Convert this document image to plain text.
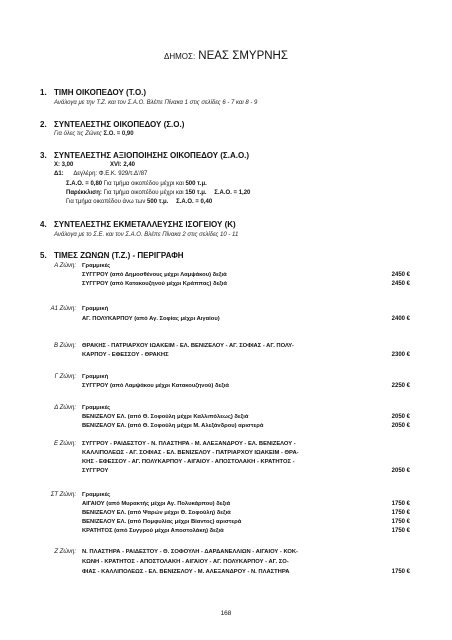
ΔΗΜΟΣ: ΝΕΑΣ ΣΜΥΡΝΗΣ
1. ΤΙΜΗ ΟΙΚΟΠΕΔΟΥ (Τ.Ο.)
Ανάλογα με την Τ.Ζ. και τον Σ.Α.Ο. Βλέπε Πίνακα 1 στις σελίδες 6 - 7 και 8 - 9
2. ΣΥΝΤΕΛΕΣΤΗΣ ΟΙΚΟΠΕΔΟΥ (Σ.Ο.)
Για όλες τις Ζώνες Σ.Ο. = 0,90
3. ΣΥΝΤΕΛΕΣΤΗΣ ΑΞΙΟΠΟΙΗΣΗΣ ΟΙΚΟΠΕΔΟΥ (Σ.Α.Ο.)
Χ: 3,00	XVI: 2,40
Δ1: Δεγλέρη: Φ.Ε.Κ. 929/τ.Δ'/87
Σ.Α.Ο. = 0,80 Για τμήμα οικοπέδου μέχρι και 500 τ.μ.
Παρέκκλιση: Για τμήμα οικοπέδου μέχρι και 150 τ.μ. Σ.Α.Ο. = 1,20
Για τμήμα οικοπέδου άνω των 500 τ.μ. Σ.Α.Ο. = 0,40
4. ΣΥΝΤΕΛΕΣΤΗΣ ΕΚΜΕΤΑΛΛΕΥΣΗΣ ΙΣΟΓΕΙΟΥ (Κ)
Ανάλογα με το Σ.Ε. και τον Σ.Α.Ο. Βλέπε Πίνακα 2 στις σελίδες 10 - 11
5. ΤΙΜΕΣ ΖΩΝΩΝ (Τ.Ζ.) - ΠΕΡΙΓΡΑΦΗ
Α Ζώνη: Γραμμικές
ΣΥΓΓΡΟΥ (από Δημοσθένους μέχρι Λαμψάκου) δεξιά	2450 €
ΣΥΓΓΡΟΥ (από Κατακουζηνού μέχρι Κράππας) δεξιά	2450 €
Α1 Ζώνη: Γραμμική
ΑΓ. ΠΟΛΥΚΑΡΠΟΥ (από Αγ. Σοφίας μέχρι Αιγαίου)	2400 €
Β Ζώνη: ΘΡΑΚΗΣ - ΠΑΤΡΙΑΡΧΟΥ ΙΩΑΚΕΙΜ - ΕΛ. ΒΕΝΙΖΕΛΟΥ - ΑΓ. ΣΟΦΙΑΣ - ΑΓ. ΠΟΛΥ-
ΚΑΡΠΟΥ - ΕΦΕΣΣΟΥ - ΘΡΑΚΗΣ	2300 €
Γ Ζώνη: Γραμμική
ΣΥΓΓΡΟΥ (από Λαμψάκου μέχρι Κατακουζηνού) δεξιά	2250 €
Δ Ζώνη: Γραμμικές
ΒΕΝΙΖΕΛΟΥ ΕΛ. (από Θ. Σοφούλη μέχρι Καλλιπόλεως) δεξιά	2050 €
ΒΕΝΙΖΕΛΟΥ ΕΛ. (από Θ. Σοφούλη μέχρι Μ. Αλεξάνδρου) αριστερά	2050 €
Ε Ζώνη: ΣΥΓΓΡΟΥ - ΡΑΙΔΕΣΤΟΥ - Ν. ΠΛΑΣΤΗΡΑ - Μ. ΑΛΕΞΑΝΔΡΟΥ - ΕΛ. ΒΕΝΙΖΕΛΟΥ -
ΚΑΛΛΙΠΟΛΕΩΣ - ΑΓ. ΣΟΦΙΑΣ - ΕΛ. ΒΕΝΙΖΕΛΟΥ - ΠΑΤΡΙΑΡΧΟΥ ΙΩΑΚΕΙΜ - ΘΡΑ-
ΚΗΣ - ΕΦΕΣΣΟΥ - ΑΓ. ΠΟΛΥΚΑΡΠΟΥ - ΑΙΓΑΙΟΥ - ΑΠΟΣΤΟΛΑΚΗ - ΚΡΑΤΗΤΟΣ -
ΣΥΓΓΡΟΥ	2050 €
ΣΤ Ζώνη: Γραμμικές
ΑΙΓΑΙΟΥ (από Μυρακτής μέχρι Αγ. Πολυκάρπου) δεξιά	1750 €
ΒΕΝΙΖΕΛΟΥ ΕΛ. (από Ψαρών μέχρι Θ. Σοφούλη) δεξιά	1750 €
ΒΕΝΙΖΕΛΟΥ ΕΛ. (από Πομφυλίας μέχρι Βίαντος) αριστερά	1750 €
ΚΡΑΤΗΤΟΣ (από Συγγρού μέχρι Αποστολάκη) δεξιά	1750 €
Ζ Ζώνη: Ν. ΠΛΑΣΤΗΡΑ - ΡΑΙΔΕΣΤΟΥ - Θ. ΣΟΦΟΥΛΗ - ΔΑΡΔΑΝΕΛΛΙΩΝ - ΑΙΓΑΙΟΥ - ΚΟΚ-
ΚΩΝΗ - ΚΡΑΤΗΤΟΣ - ΑΠΟΣΤΟΛΑΚΗ - ΑΙΓΑΙΟΥ - ΑΓ. ΠΟΛΥΚΑΡΠΟΥ - ΑΓ. ΣΟ-
ΦΙΑΣ - ΚΑΛΛΙΠΟΛΕΩΣ - ΕΛ. ΒΕΝΙΖΕΛΟΥ - Μ. ΑΛΕΞΑΝΔΡΟΥ - Ν. ΠΛΑΣΤΗΡΑ	1750 €
168
